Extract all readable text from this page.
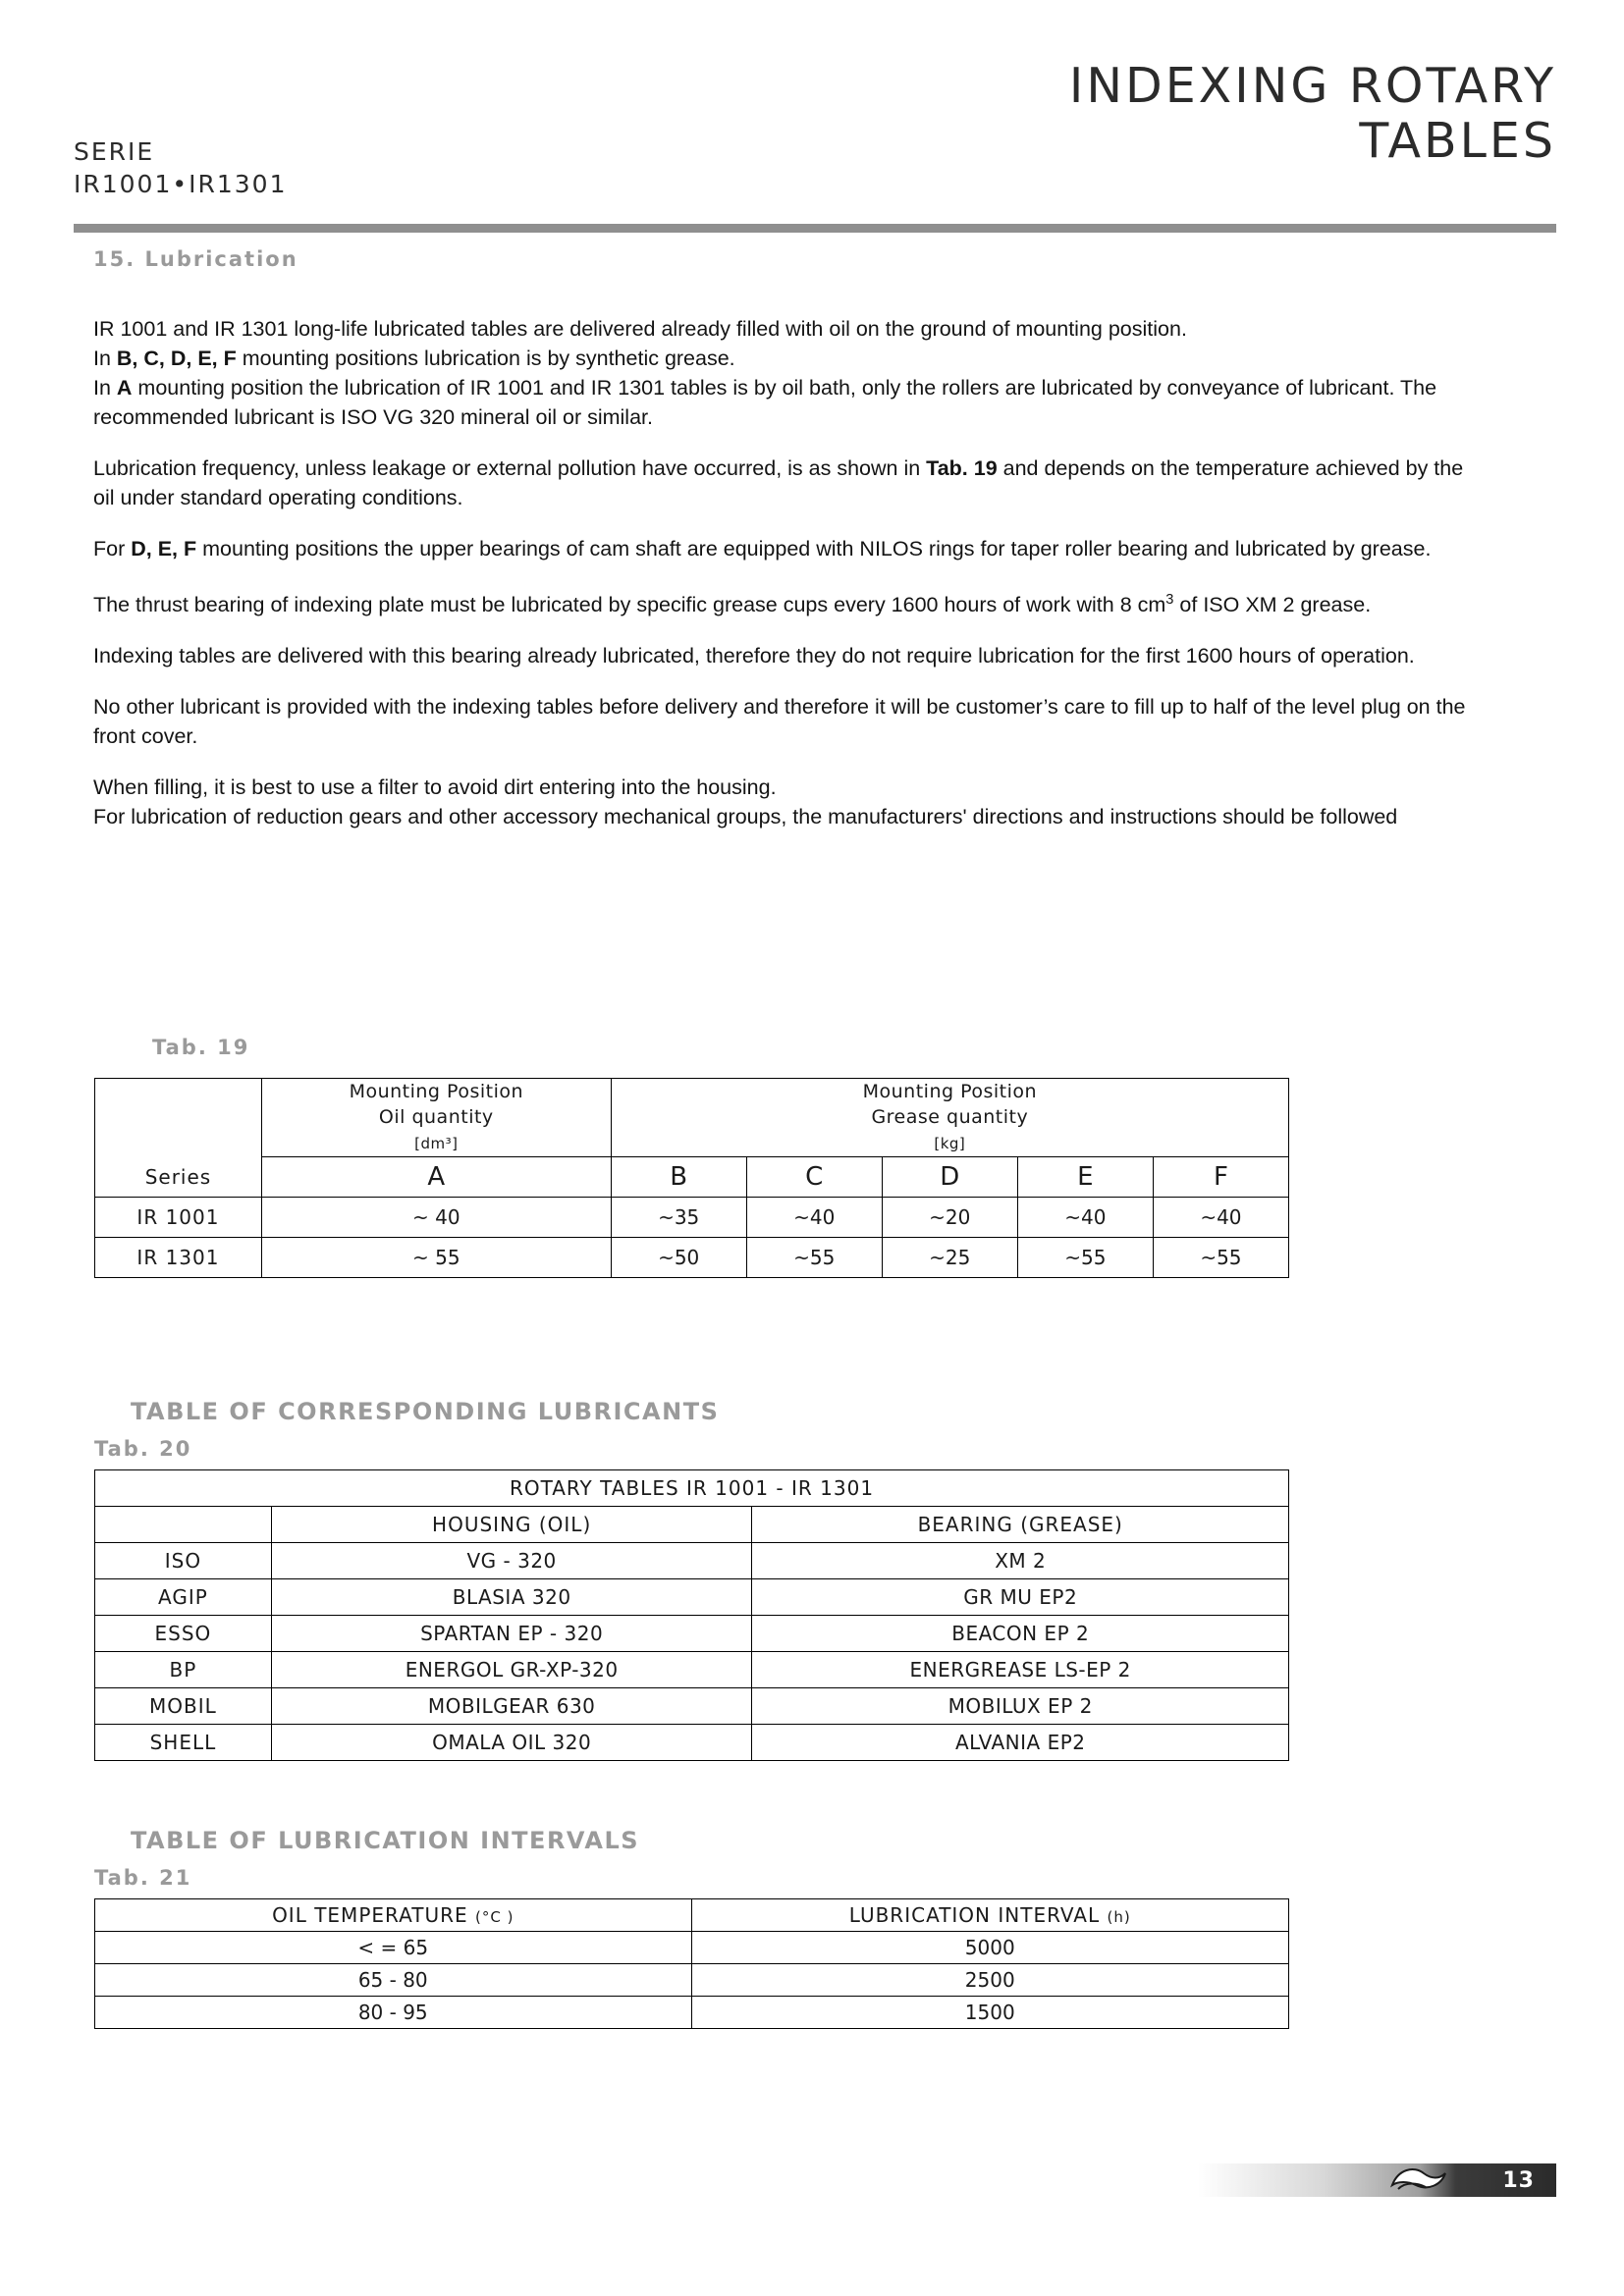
INDEXING ROTARY
TABLES
SERIE
IR1001•IR1301
15. Lubrication

IR 1001 and IR 1301 long-life lubricated tables are delivered already filled with oil on the ground of mounting position.
In B, C, D, E, F mounting positions lubrication is by synthetic grease.
In A mounting position the lubrication of IR 1001 and IR 1301 tables is by oil bath, only the rollers are lubricated by conveyance of lubricant. The recommended lubricant is ISO VG 320 mineral oil or similar.

Lubrication frequency, unless leakage or external pollution have occurred, is as shown in Tab. 19 and depends on the temperature achieved by the oil under standard operating conditions.

For D, E, F mounting positions the upper bearings of cam shaft are equipped with NILOS rings for taper roller bearing and lubricated by grease.

The thrust bearing of indexing plate must be lubricated by specific grease cups every 1600 hours of work with 8 $cm^3$ of ISO XM 2 grease.

Indexing tables are delivered with this bearing already lubricated, therefore they do not require lubrication for the first 1600 hours of operation.

No other lubricant is provided with the indexing tables before delivery and therefore it will be customer’s care to fill up to half of the level plug on the front cover.

When filling, it is best to use a filter to avoid dirt entering into the housing.
For lubrication of reduction gears and other accessory mechanical groups, the manufacturers' directions and instructions should be followed

Tab. 19
	Mounting Position
Oil quantity
[dm³]	Mounting Position
Grease quantity
[kg]				
Series	A	B	C	D	E	F
IR 1001	~ 40	~35	~40	~20	~40	~40
IR 1301	~ 55	~50	~55	~25	~55	~55
TABLE OF CORRESPONDING LUBRICANTS
Tab. 20
ROTARY TABLES IR 1001 - IR 1301		
	HOUSING (OIL)	BEARING (GREASE)
ISO	VG - 320	XM 2
AGIP	BLASIA 320	GR MU EP2
ESSO	SPARTAN EP - 320	BEACON EP 2
BP	ENERGOL GR-XP-320	ENERGREASE LS-EP 2
MOBIL	MOBILGEAR 630	MOBILUX EP 2
SHELL	OMALA OIL 320	ALVANIA EP2
TABLE OF LUBRICATION INTERVALS
Tab. 21
OIL TEMPERATURE (°C )	LUBRICATION INTERVAL (h)
< = 65	5000
65 - 80	2500
80 - 95	1500
13
